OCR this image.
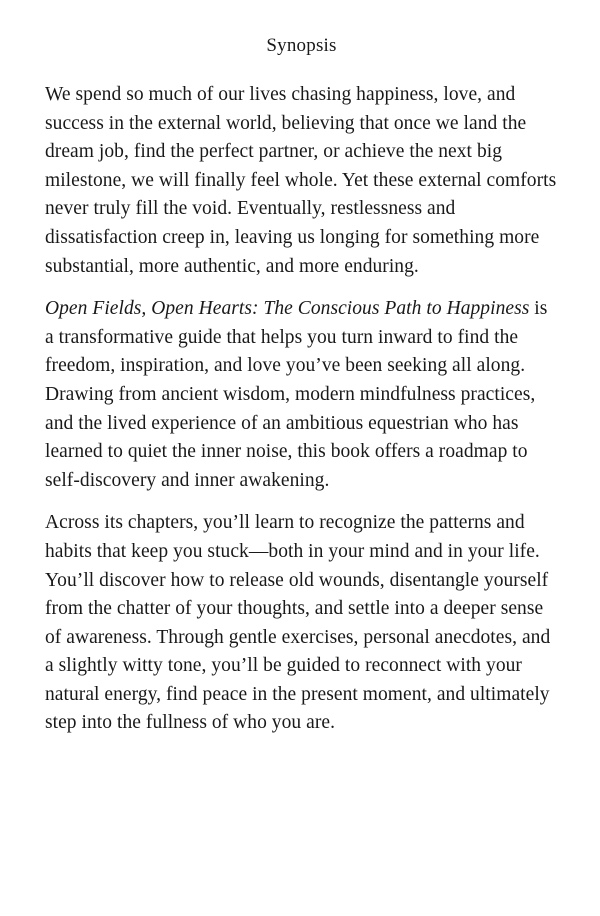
Synopsis

We spend so much of our lives chasing happiness, love, and success in the external world, believing that once we land the dream job, find the perfect partner, or achieve the next big milestone, we will finally feel whole. Yet these external comforts never truly fill the void. Eventually, restlessness and dissatisfaction creep in, leaving us longing for something more substantial, more authentic, and more enduring.

Open Fields, Open Hearts: The Conscious Path to Happiness is a transformative guide that helps you turn inward to find the freedom, inspiration, and love you’ve been seeking all along. Drawing from ancient wisdom, modern mindfulness practices, and the lived experience of an ambitious equestrian who has learned to quiet the inner noise, this book offers a roadmap to self-discovery and inner awakening.

Across its chapters, you’ll learn to recognize the patterns and habits that keep you stuck—both in your mind and in your life. You’ll discover how to release old wounds, disentangle yourself from the chatter of your thoughts, and settle into a deeper sense of awareness. Through gentle exercises, personal anecdotes, and a slightly witty tone, you’ll be guided to reconnect with your natural energy, find peace in the present moment, and ultimately step into the fullness of who you are.
